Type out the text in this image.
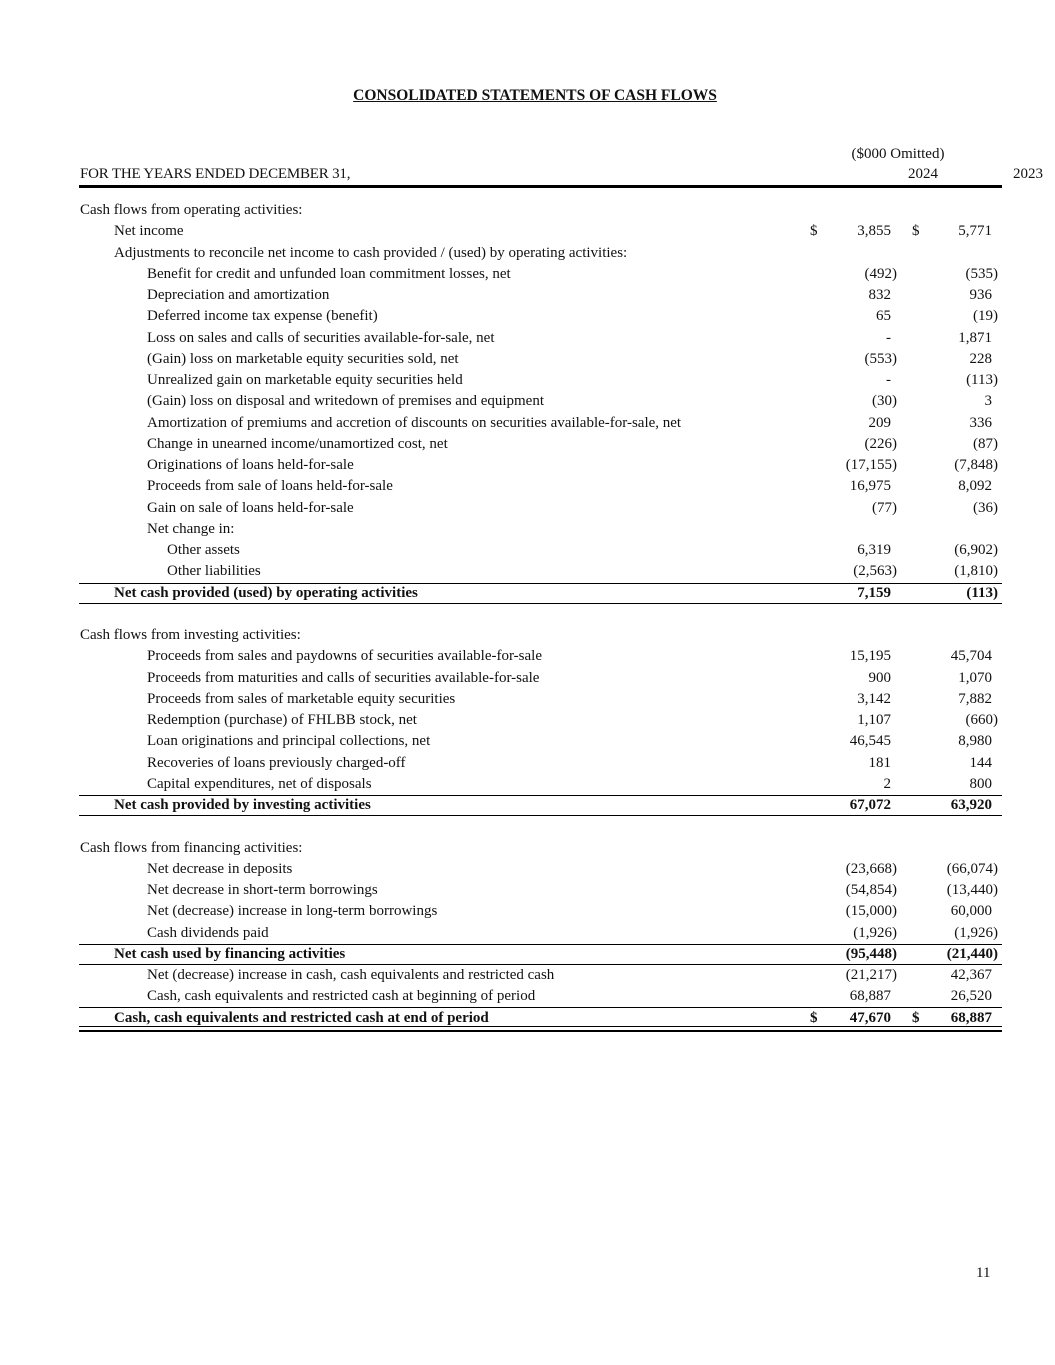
CONSOLIDATED STATEMENTS OF CASH FLOWS
($000 Omitted)
FOR THE YEARS ENDED DECEMBER 31,	2024	2023
Cash flows from operating activities:
Net income	$	3,855 $	5,771
Adjustments to reconcile net income to cash provided / (used) by operating activities:
Benefit for credit and unfunded loan commitment losses, net	(492)	(535)
Depreciation and amortization	832	936
Deferred income tax expense (benefit)	65	(19)
Loss on sales and calls of securities available-for-sale, net	-	1,871
(Gain) loss on marketable equity securities sold, net	(553)	228
Unrealized gain on marketable equity securities held	-	(113)
(Gain) loss on disposal and writedown of premises and equipment	(30)	3
Amortization of premiums and accretion of discounts on securities available-for-sale, net	209	336
Change in unearned income/unamortized cost, net	(226)	(87)
Originations of loans held-for-sale	(17,155)	(7,848)
Proceeds from sale of loans held-for-sale	16,975	8,092
Gain on sale of loans held-for-sale	(77)	(36)
Net change in:
Other assets	6,319	(6,902)
Other liabilities	(2,563)	(1,810)
Net cash provided (used) by operating activities	7,159	(113)
Cash flows from investing activities:
Proceeds from sales and paydowns of securities available-for-sale	15,195	45,704
Proceeds from maturities and calls of securities available-for-sale	900	1,070
Proceeds from sales of marketable equity securities	3,142	7,882
Redemption (purchase) of FHLBB stock, net	1,107	(660)
Loan originations and principal collections, net	46,545	8,980
Recoveries of loans previously charged-off	181	144
Capital expenditures, net of disposals	2	800
Net cash provided by investing activities	67,072	63,920
Cash flows from financing activities:
Net decrease in deposits	(23,668)	(66,074)
Net decrease in short-term borrowings	(54,854)	(13,440)
Net (decrease) increase in long-term borrowings	(15,000)	60,000
Cash dividends paid	(1,926)	(1,926)
Net cash used by financing activities	(95,448)	(21,440)
Net (decrease) increase in cash, cash equivalents and restricted cash	(21,217)	42,367
Cash, cash equivalents and restricted cash at beginning of period	68,887	26,520
Cash, cash equivalents and restricted cash at end of period	$ 47,670 $ 68,887
11
